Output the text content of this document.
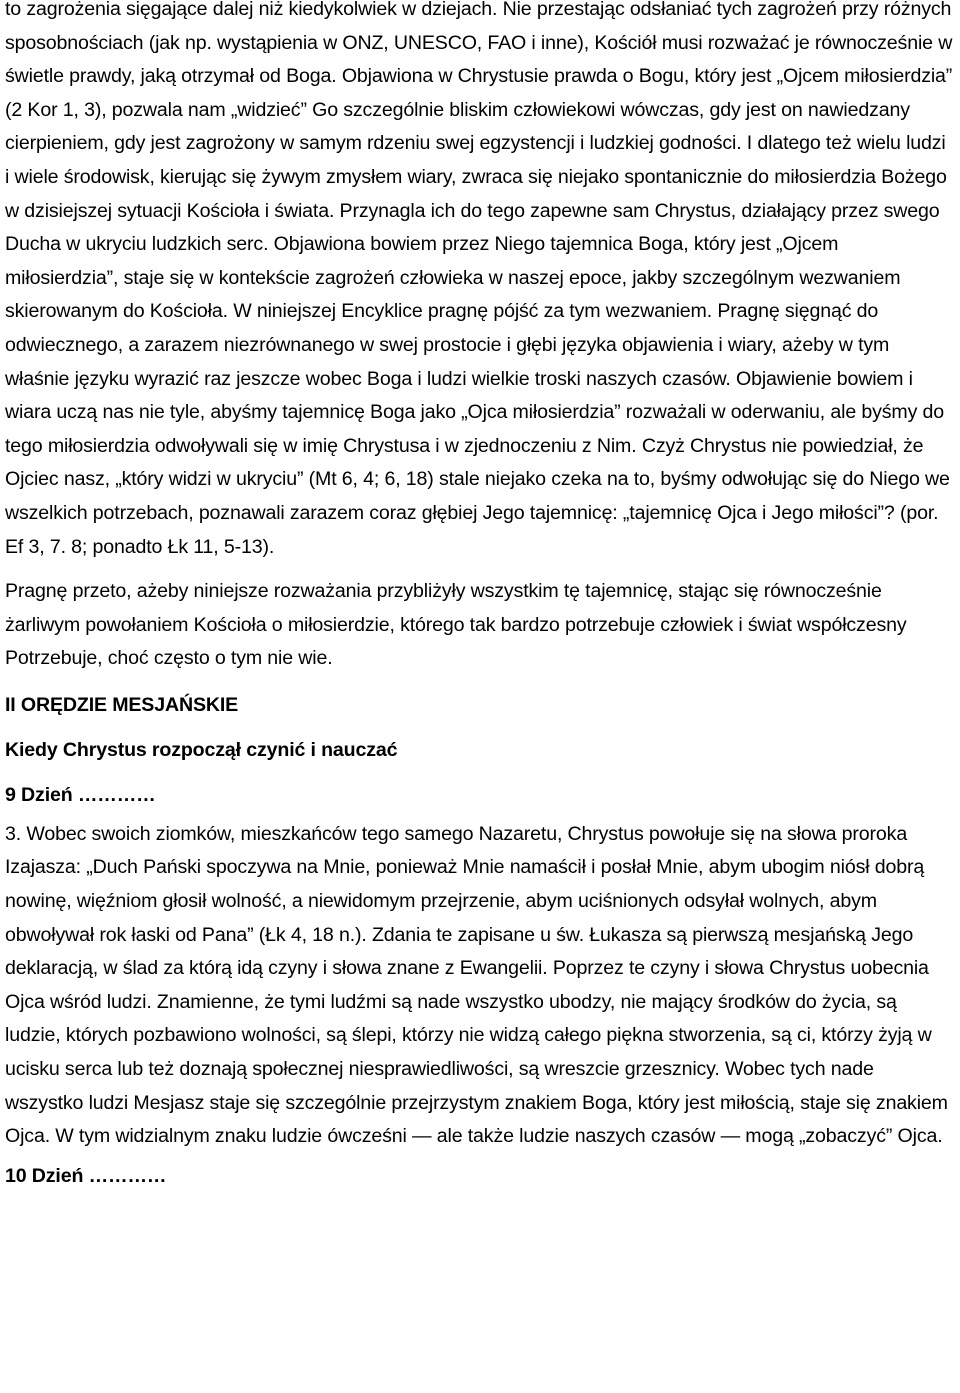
to zagrożenia sięgające dalej niż kiedykolwiek w dziejach. Nie przestając odsłaniać tych zagrożeń przy różnych sposobnościach (jak np. wystąpienia w ONZ, UNESCO, FAO i inne), Kościół musi rozważać je równocześnie w świetle prawdy, jaką otrzymał od Boga. Objawiona w Chrystusie prawda o Bogu, który jest „Ojcem miłosierdzia” (2 Kor 1, 3), pozwala nam „widzieć” Go szczególnie bliskim człowiekowi wówczas, gdy jest on nawiedzany cierpieniem, gdy jest zagrożony w samym rdzeniu swej egzystencji i ludzkiej godności. I dlatego też wielu ludzi i wiele środowisk, kierując się żywym zmysłem wiary, zwraca się niejako spontanicznie do miłosierdzia Bożego w dzisiejszej sytuacji Kościoła i świata. Przynagla ich do tego zapewne sam Chrystus, działający przez swego Ducha w ukryciu ludzkich serc. Objawiona bowiem przez Niego tajemnica Boga, który jest „Ojcem miłosierdzia”, staje się w kontekście zagrożeń człowieka w naszej epoce, jakby szczególnym wezwaniem skierowanym do Kościoła. W niniejszej Encyklice pragnę pójść za tym wezwaniem. Pragnę sięgnąć do odwiecznego, a zarazem niezrównanego w swej prostocie i głębi języka objawienia i wiary, ażeby w tym właśnie języku wyrazić raz jeszcze wobec Boga i ludzi wielkie troski naszych czasów. Objawienie bowiem i wiara uczą nas nie tyle, abyśmy tajemnicę Boga jako „Ojca miłosierdzia” rozważali w oderwaniu, ale byśmy do tego miłosierdzia odwoływali się w imię Chrystusa i w zjednoczeniu z Nim. Czyż Chrystus nie powiedział, że Ojciec nasz, „który widzi w ukryciu” (Mt 6, 4; 6, 18) stale niejako czeka na to, byśmy odwołując się do Niego we wszelkich potrzebach, poznawali zarazem coraz głębiej Jego tajemnicę: „tajemnicę Ojca i Jego miłości”? (por. Ef 3, 7. 8; ponadto Łk 11, 5-13).

Pragnę przeto, ażeby niniejsze rozważania przybliżyły wszystkim tę tajemnicę, stając się równocześnie żarliwym powołaniem Kościoła o miłosierdzie, którego tak bardzo potrzebuje człowiek i świat współczesny Potrzebuje, choć często o tym nie wie.

II ORĘDZIE MESJAŃSKIE

Kiedy Chrystus rozpoczął czynić i nauczać

9 Dzień …………

3. Wobec swoich ziomków, mieszkańców tego samego Nazaretu, Chrystus powołuje się na słowa proroka Izajasza: „Duch Pański spoczywa na Mnie, ponieważ Mnie namaścił i posłał Mnie, abym ubogim niósł dobrą nowinę, więźniom głosił wolność, a niewidomym przejrzenie, abym uciśnionych odsyłał wolnych, abym obwoływał rok łaski od Pana” (Łk 4, 18 n.). Zdania te zapisane u św. Łukasza są pierwszą mesjańską Jego deklaracją, w ślad za którą idą czyny i słowa znane z Ewangelii. Poprzez te czyny i słowa Chrystus uobecnia Ojca wśród ludzi. Znamienne, że tymi ludźmi są nade wszystko ubodzy, nie mający środków do życia, są ludzie, których pozbawiono wolności, są ślepi, którzy nie widzą całego piękna stworzenia, są ci, którzy żyją w ucisku serca lub też doznają społecznej niesprawiedliwości, są wreszcie grzesznicy. Wobec tych nade wszystko ludzi Mesjasz staje się szczególnie przejrzystym znakiem Boga, który jest miłością, staje się znakiem Ojca. W tym widzialnym znaku ludzie ówcześni — ale także ludzie naszych czasów — mogą „zobaczyć” Ojca.

10 Dzień …………
